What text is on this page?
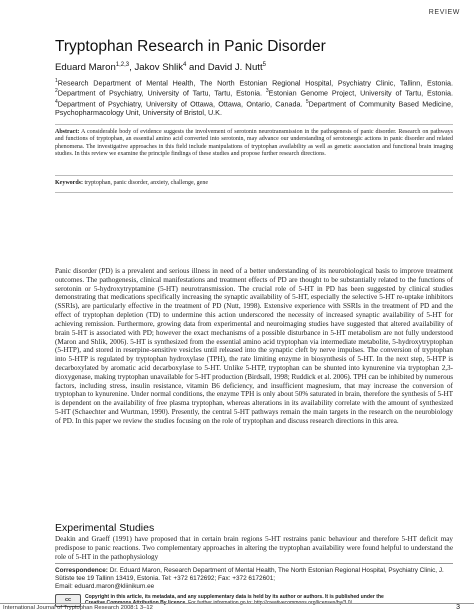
REVIEW
Tryptophan Research in Panic Disorder
Eduard Maron$^{1,2,3}$, Jakov Shlik$^4$ and David J. Nutt$^5$
$^1$Research Department of Mental Health, The North Estonian Regional Hospital, Psychiatry Clinic, Tallinn, Estonia. $^2$Department of Psychiatry, University of Tartu, Tartu, Estonia. $^3$Estonian Genome Project, University of Tartu, Estonia. $^4$Department of Psychiatry, University of Ottawa, Ottawa, Ontario, Canada. $^5$Department of Community Based Medicine, Psychopharmacology Unit, University of Bristol, U.K.
Abstract: A considerable body of evidence suggests the involvement of serotonin neurotransmission in the pathogenesis of panic disorder. Research on pathways and functions of tryptophan, an essential amino acid converted into serotonin, may advance our understanding of serotonergic actions in panic disorder and related phenomena. The investigative approaches in this field include manipulations of tryptophan availability as well as genetic association and functional brain imaging studies. In this review we examine the principle findings of these studies and propose further research directions.
Keywords: tryptophan, panic disorder, anxiety, challenge, gene

Panic disorder (PD) is a prevalent and serious illness in need of a better understanding of its neurobiological basis to improve treatment outcomes. The pathogenesis, clinical manifestations and treatment effects of PD are thought to be substantially related to the functions of serotonin or 5-hydroxytryptamine (5-HT) neurotransmission. The crucial role of 5-HT in PD has been suggested by clinical studies demonstrating that medications specifically increasing the synaptic availability of 5-HT, especially the selective 5-HT re-uptake inhibitors (SSRIs), are particularly effective in the treatment of PD (Nutt, 1998). Extensive experience with SSRIs in the treatment of PD and the effect of tryptophan depletion (TD) to undermine this action underscored the necessity of increased synaptic availability of 5-HT for achieving remission. Furthermore, growing data from experimental and neuroimaging studies have suggested that altered availability of brain 5-HT is associated with PD; however the exact mechanisms of a possible disturbance in 5-HT metabolism are not fully understood (Maron and Shlik, 2006). 5-HT is synthesized from the essential amino acid tryptophan via intermediate metabolite, 5-hydroxytryptophan (5-HTP), and stored in reserpine-sensitive vesicles until released into the synaptic cleft by nerve impulses. The conversion of tryptophan into 5-HTP is regulated by tryptophan hydroxylase (TPH), the rate limiting enzyme in biosynthesis of 5-HT. In the next step, 5-HTP is decarboxylated by aromatic acid decarboxylase to 5-HT. Unlike 5-HTP, tryptophan can be shunted into kynurenine via tryptophan 2,3-dioxygenase, making tryptophan unavailable for 5-HT production (Birdsall, 1998; Ruddick et al. 2006). TPH can be inhibited by numerous factors, including stress, insulin resistance, vitamin B6 deficiency, and insufficient magnesium, that may increase the conversion of tryptophan to kynurenine. Under normal conditions, the enzyme TPH is only about 50% saturated in brain, therefore the synthesis of 5-HT is dependent on the availability of free plasma tryptophan, whereas alterations in its availability correlate with the amount of synthesized 5-HT (Schaechter and Wurtman, 1990). Presently, the central 5-HT pathways remain the main targets in the research on the neurobiology of PD. In this paper we review the studies focusing on the role of tryptophan and discuss research directions in this area.

Experimental Studies

Deakin and Graeff (1991) have proposed that in certain brain regions 5-HT restrains panic behaviour and therefore 5-HT deficit may predispose to panic reactions. Two complementary approaches in altering the tryptophan availability were found helpful to understand the role of 5-HT in the pathophysiology

Correspondence: Dr. Eduard Maron, Research Department of Mental Health, The North Estonian Regional Hospital, Psychiatry Clinic, J. Sütiste tee 19 Tallinn 13419, Estonia. Tel: +372 6172692; Fax: +372 6172601;
Email: eduard.maron@kliinikum.ee
cc	Copyright in this article, its metadata, and any supplementary data is held by its author or authors. It is published under the
Creative Commons Attribution By licence. For further information go to: http://creativecommons.org/licenses/by/3.0/.
International Journal of Tryptophan Research 2008:1 3–12	3
